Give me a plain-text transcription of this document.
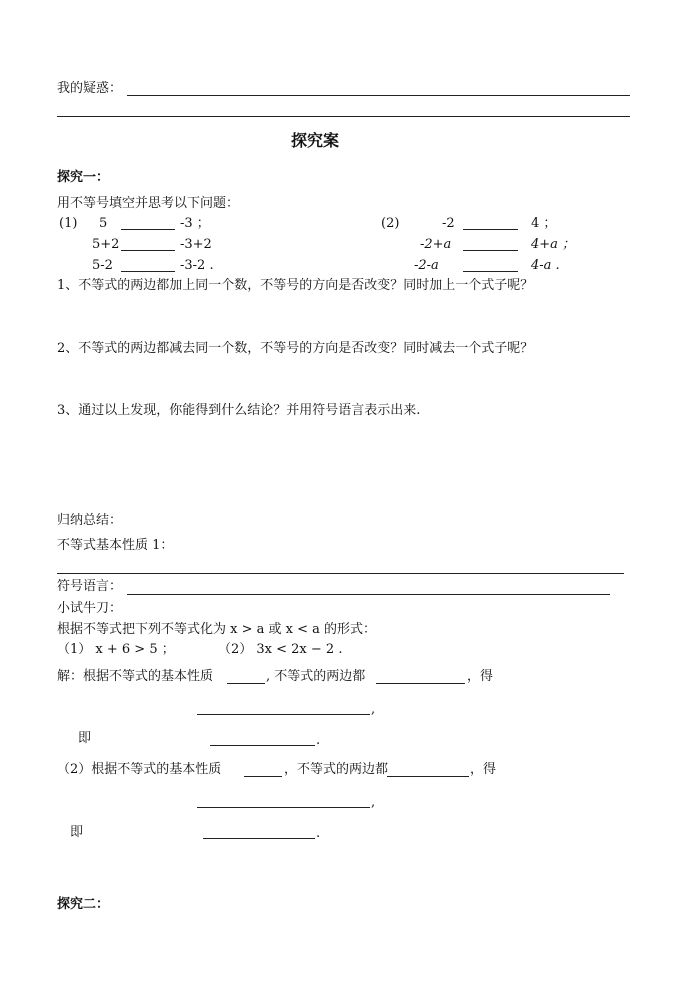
我的疑惑：
探究案
探究一：
用不等号填空并思考以下问题：
(1) 5	-3 ；
5+2	-3+2
5-2	-3-2 .
(2)	-2	4 ；
-2+a	4+a ；
-2-a	4-a .
1、不等式的两边都加上同一个数，不等号的方向是否改变？同时加上一个式子呢？
2、不等式的两边都减去同一个数，不等号的方向是否改变？同时减去一个式子呢？
3、通过以上发现，你能得到什么结论？并用符号语言表示出来.
归纳总结：
不等式基本性质 1：
符号语言：
小试牛刀：
根据不等式把下列不等式化为 x > a 或 x < a 的形式：
（1） x + 6 > 5 ；	（2） 3x < 2x − 2 .
解：根据不等式的基本性质	, 不等式的两边都	，得
,
即	.
（2）根据不等式的基本性质	，不等式的两边都	，得
,
即	.
探究二：
